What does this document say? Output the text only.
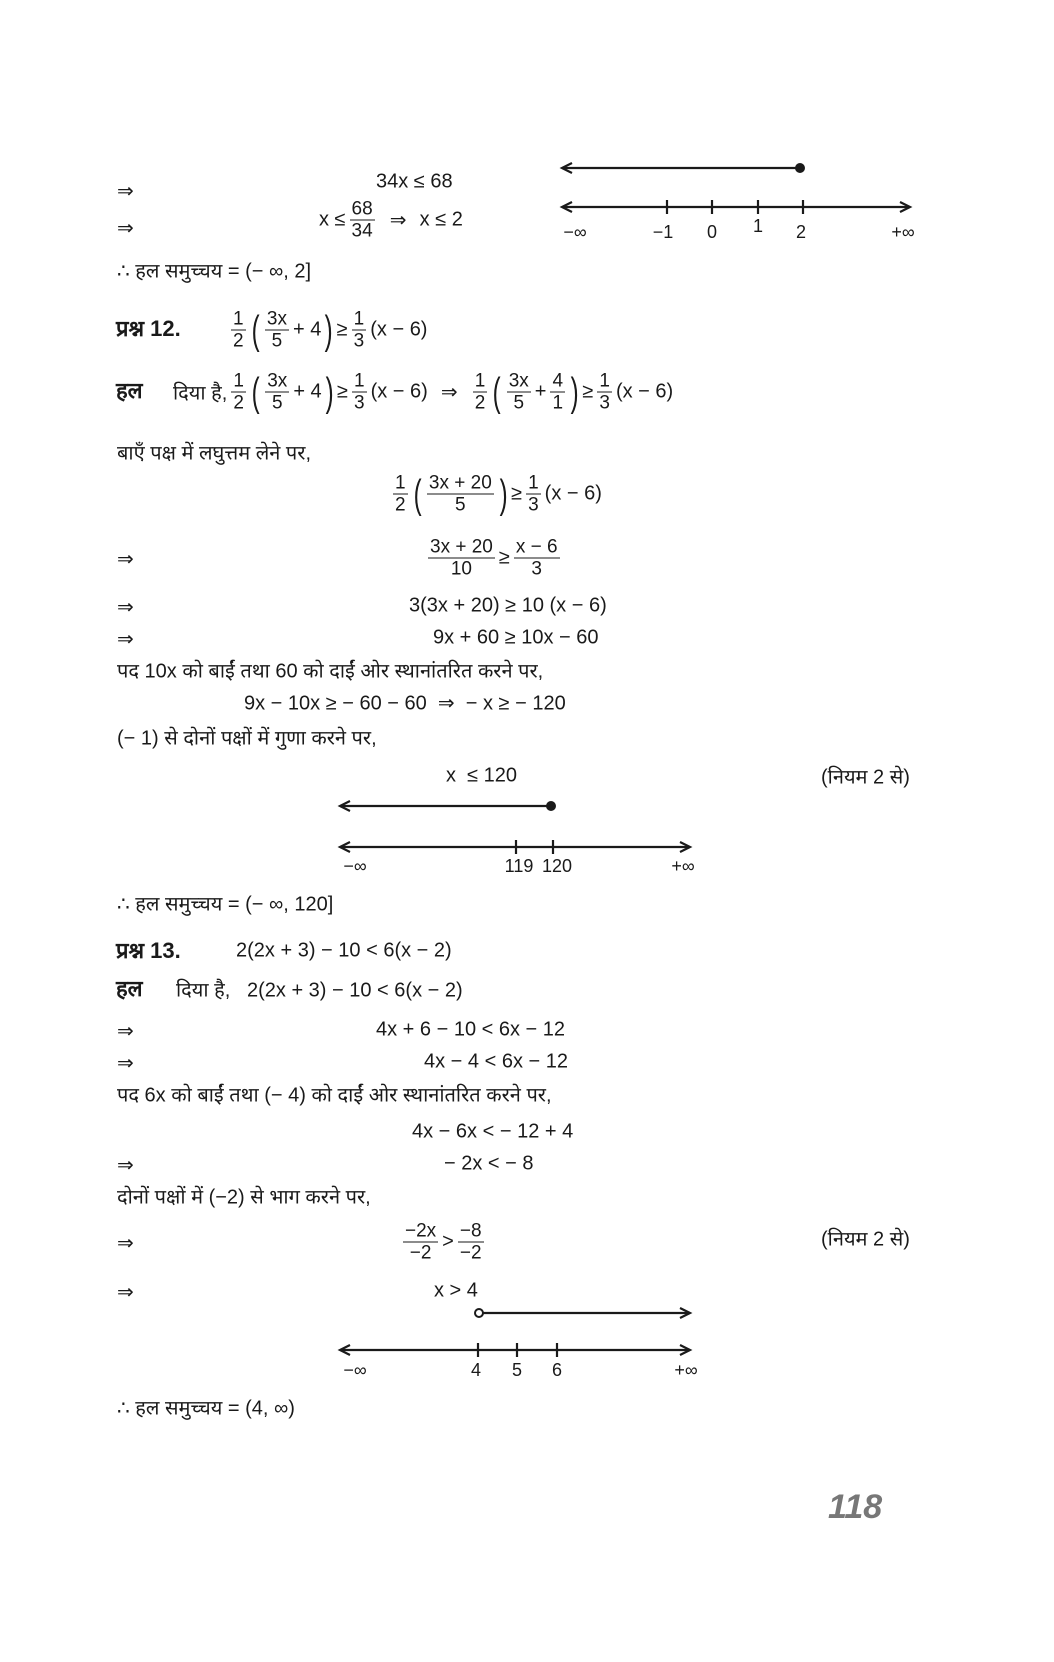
⇒
⇒
⇒
⇒
⇒
⇒
⇒
⇒
⇒
⇒
34x ≤ 68
$x \le \frac{68}{34}$ ⇒ x ≤ 2
∴ हल समुच्चय = (− ∞, 2]
−∞	−1 0 1 2	+∞
प्रश्न 12.	$\frac{1}{2}$ ( $\frac{3x}{5} + 4$ ) ≥ $\frac{1}{3} (x - 6)$
हल दिया है, $\frac{1}{2}$ ( $\frac{3x}{5} + 4$ ) ≥ $\frac{1}{3} (x - 6)$ ⇒ $\frac{1}{2}$ ( $\frac{3x}{5} + \frac{4}{1}$ ) ≥ $\frac{1}{3} (x - 6)$
बाएँ पक्ष में लघुत्तम लेने पर,
$\frac{1}{2}$ ( $\frac{3x + 20}{5}$ ) ≥ $\frac{1}{3} (x - 6)$
$\frac{3x + 20}{10} \ge \frac{x - 6}{3}$
3(3x + 20) ≥ 10 (x − 6)
9x + 60 ≥ 10x − 60
पद 10x को बाईं तथा 60 को दाईं ओर स्थानांतरित करने पर,
9x − 10x ≥ − 60 − 60  ⇒  − x ≥ − 120
(− 1) से दोनों पक्षों में गुणा करने पर,
x  ≤ 120	(नियम 2 से)
−∞	119 120	+∞
∴ हल समुच्चय = (− ∞, 120]
प्रश्न 13.	2(2x + 3) − 10 < 6(x − 2)
हल दिया है,   2(2x + 3) − 10 < 6(x − 2)
4x + 6 − 10 < 6x − 12
4x − 4 < 6x − 12
पद 6x को बाईं तथा (− 4) को दाईं ओर स्थानांतरित करने पर,
4x − 6x < − 12 + 4
− 2x < − 8
दोनों पक्षों में (−2) से भाग करने पर,
$\frac{-2x}{-2} > \frac{-8}{-2}$	(नियम 2 से)
x > 4
−∞	4 5 6	+∞
∴ हल समुच्चय = (4, ∞)
118
